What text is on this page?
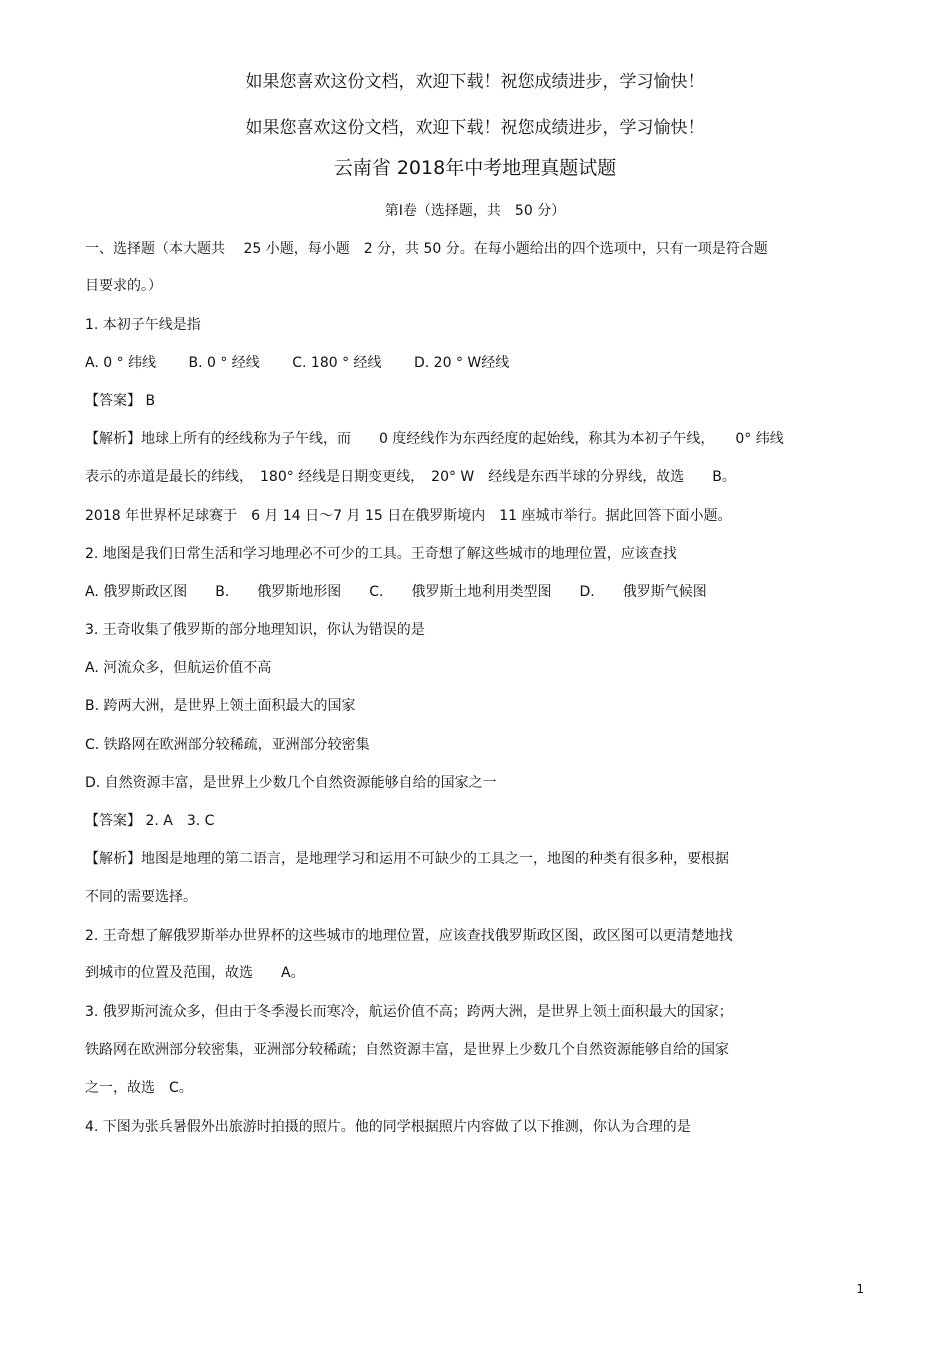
如果您喜欢这份文档，欢迎下载！祝您成绩进步，学习愉快！
如果您喜欢这份文档，欢迎下载！祝您成绩进步，学习愉快！
云南省 2018年中考地理真题试题
第Ⅰ卷（选择题，共　50 分）
一、选择题（本大题共　 25 小题，每小题　2 分，共 50 分。在每小题给出的四个选项中，只有一项是符合题
目要求的。）
1. 本初子午线是指
A. 0 ° 纬线　　 B. 0 ° 经线　　 C. 180 ° 经线　　 D. 20 ° W经线
【答案】 B
【解析】地球上所有的经线称为子午线，而　　0 度经线作为东西经度的起始线，称其为本初子午线，　　0° 纬线
表示的赤道是最长的纬线，　180° 经线是日期变更线，　20° W　经线是东西半球的分界线，故选　　B。
2018 年世界杯足球赛于　6 月 14 日～7 月 15 日在俄罗斯境内　11 座城市举行。据此回答下面小题。
2. 地图是我们日常生活和学习地理必不可少的工具。王奇想了解这些城市的地理位置，应该查找
A. 俄罗斯政区图　　B.　　俄罗斯地形图　　C.　　俄罗斯土地利用类型图　　D.　　俄罗斯气候图
3. 王奇收集了俄罗斯的部分地理知识，你认为错误的是
A. 河流众多，但航运价值不高
B. 跨两大洲，是世界上领土面积最大的国家
C. 铁路网在欧洲部分较稀疏，亚洲部分较密集
D. 自然资源丰富，是世界上少数几个自然资源能够自给的国家之一
【答案】 2. A　3. C
【解析】地图是地理的第二语言，是地理学习和运用不可缺少的工具之一，地图的种类有很多种，要根据
不同的需要选择。
2. 王奇想了解俄罗斯举办世界杯的这些城市的地理位置，应该查找俄罗斯政区图，政区图可以更清楚地找
到城市的位置及范围，故选　　A。
3. 俄罗斯河流众多，但由于冬季漫长而寒冷，航运价值不高；跨两大洲，是世界上领土面积最大的国家；
铁路网在欧洲部分较密集，亚洲部分较稀疏；自然资源丰富，是世界上少数几个自然资源能够自给的国家
之一，故选　C。
4. 下图为张兵暑假外出旅游时拍摄的照片。他的同学根据照片内容做了以下推测，你认为合理的是
1
